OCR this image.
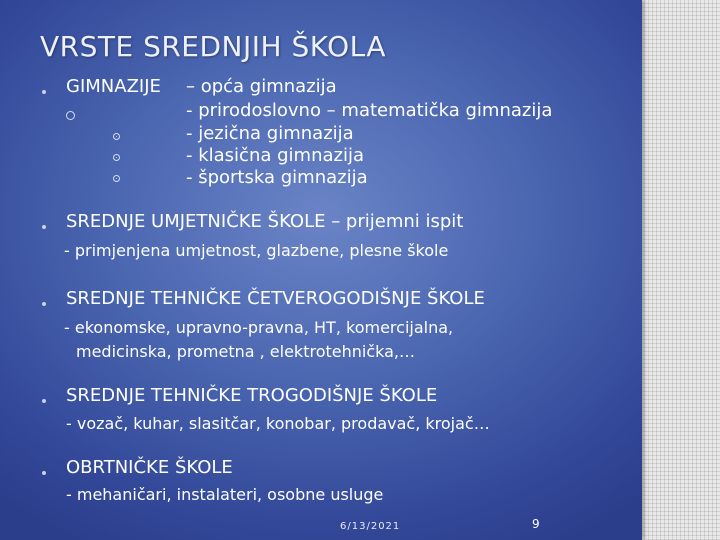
VRSTE SREDNJIH ŠKOLA
GIMNAZIJE – opća gimnazija
- prirodoslovno – matematička gimnazija
- jezična gimnazija
- klasična gimnazija
- športska gimnazija
SREDNJE UMJETNIČKE ŠKOLE – prijemni ispit
- primjenjena umjetnost, glazbene, plesne škole
SREDNJE TEHNIČKE ČETVEROGODIŠNJE ŠKOLE
- ekonomske, upravno-pravna, HT, komercijalna,
medicinska, prometna , elektrotehnička,…
SREDNJE TEHNIČKE TROGODIŠNJE ŠKOLE
- vozač, kuhar, slasitčar, konobar, prodavač, krojač…
OBRTNIČKE ŠKOLE
- mehaničari, instalateri, osobne usluge
6/13/2021	9
